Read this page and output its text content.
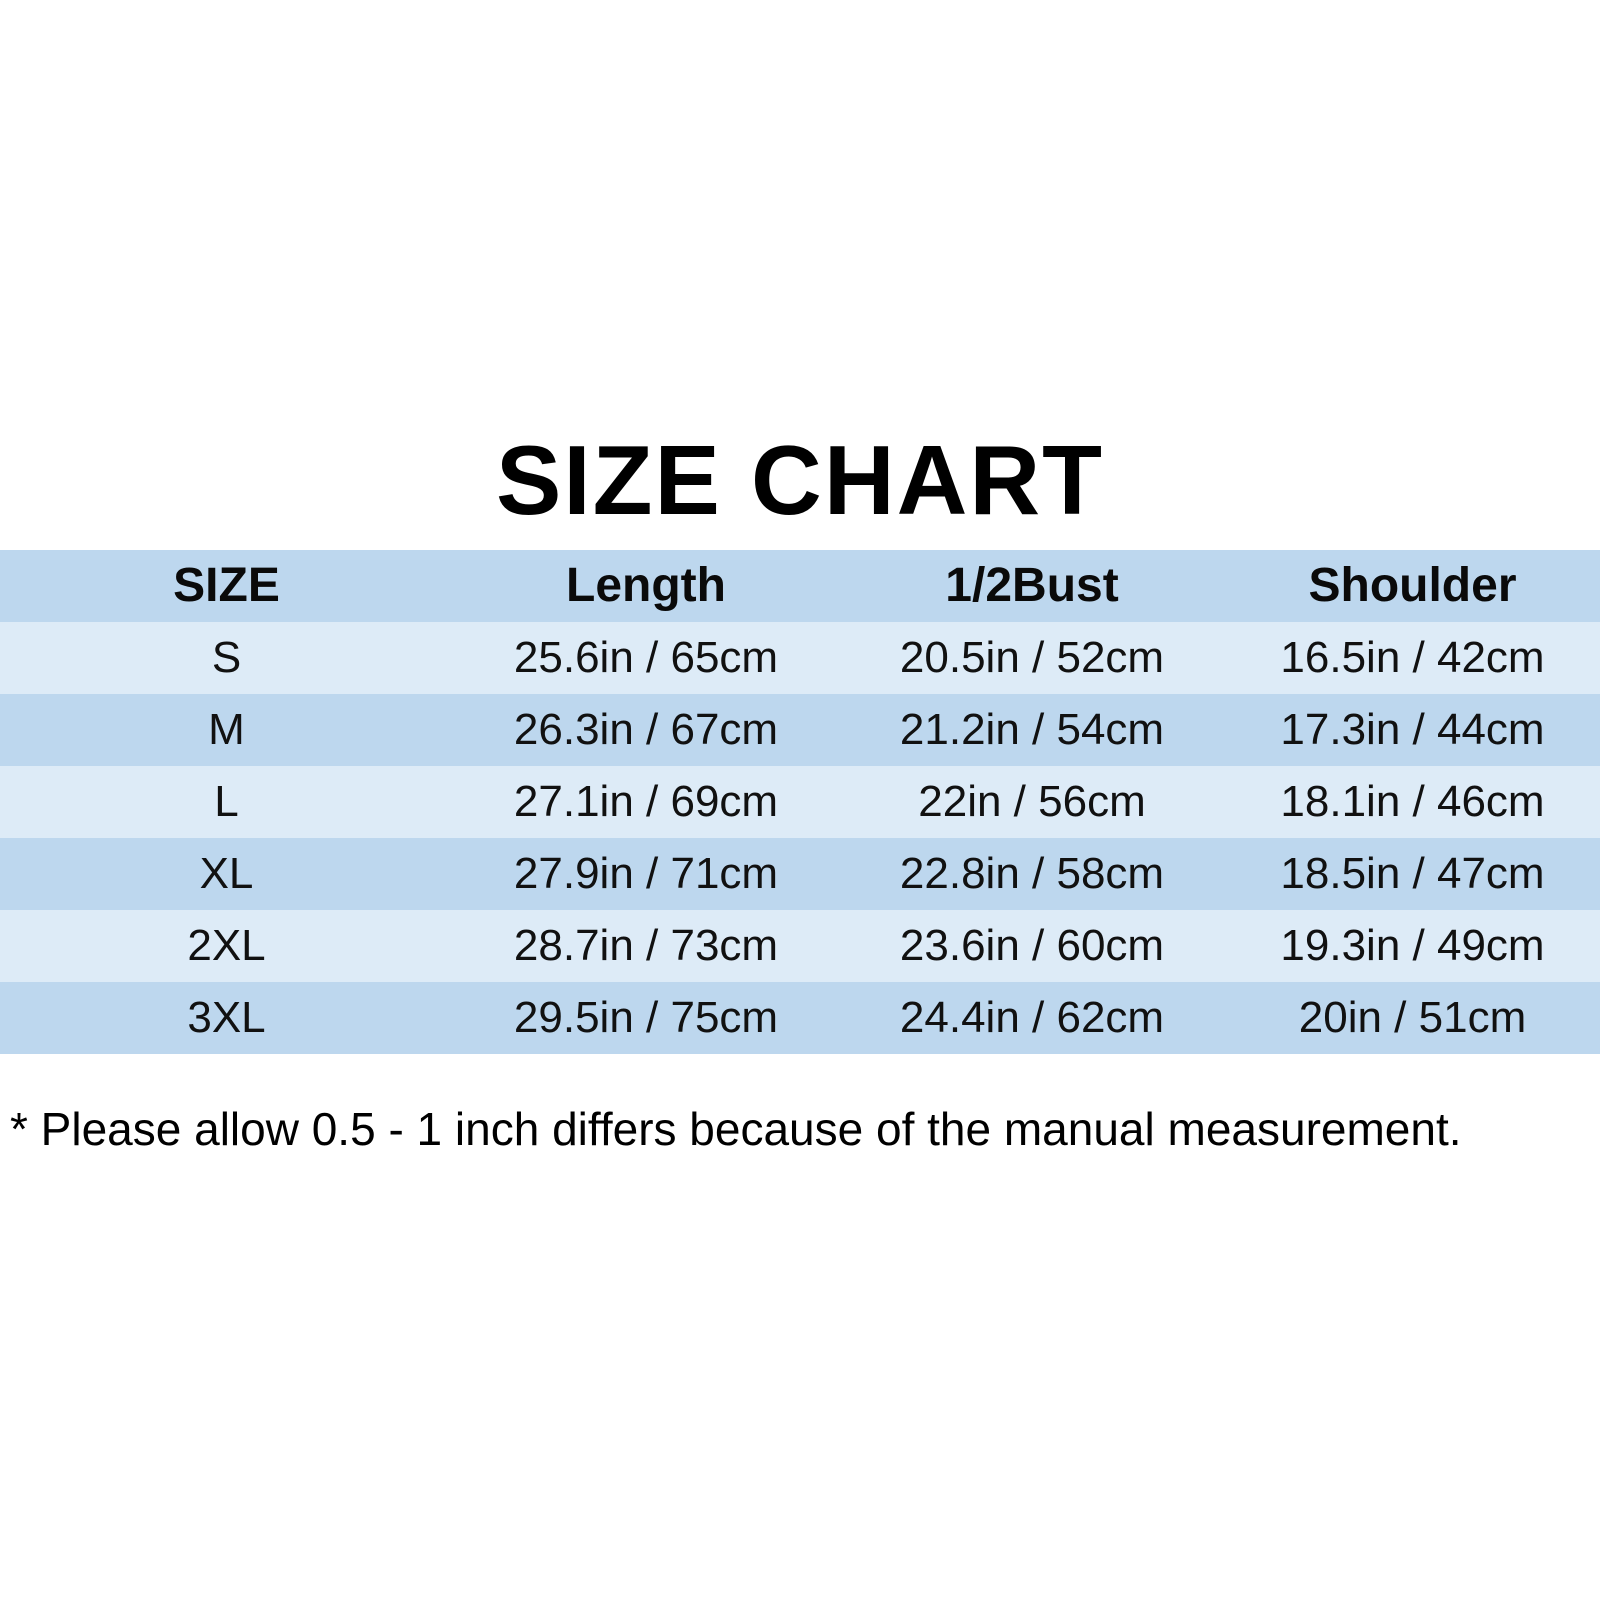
SIZE CHART
SIZE	Length	1/2Bust	Shoulder
S	25.6in / 65cm	20.5in / 52cm	16.5in / 42cm
M	26.3in / 67cm	21.2in / 54cm	17.3in / 44cm
L	27.1in / 69cm	22in / 56cm	18.1in / 46cm
XL	27.9in / 71cm	22.8in / 58cm	18.5in / 47cm
2XL	28.7in / 73cm	23.6in / 60cm	19.3in / 49cm
3XL	29.5in / 75cm	24.4in / 62cm	20in / 51cm

* Please allow 0.5 - 1 inch differs because of the manual measurement.
